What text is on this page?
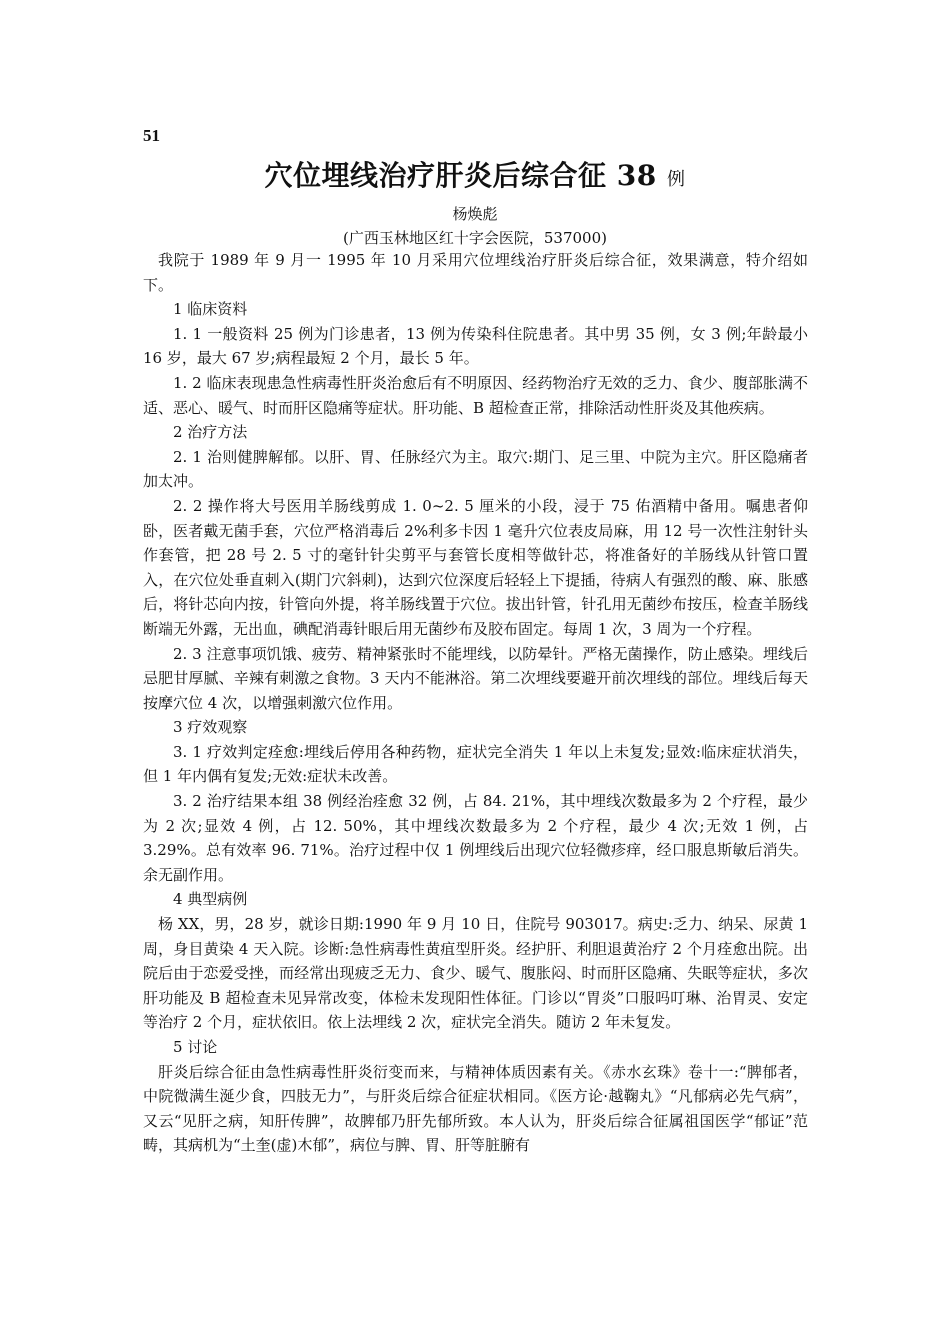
51
穴位埋线治疗肝炎后综合征 38 例
杨焕彪
(广西玉林地区红十字会医院，537000)

我院于 1989 年 9 月一 1995 年 10 月采用穴位埋线治疗肝炎后综合征，效果满意，特介绍如下。

1 临床资料

1. 1 一般资料 25 例为门诊患者，13 例为传染科住院患者。其中男 35 例，女 3 例;年龄最小 16 岁，最大 67 岁;病程最短 2 个月，最长 5 年。

1. 2 临床表现患急性病毒性肝炎治愈后有不明原因、经药物治疗无效的乏力、食少、腹部胀满不适、恶心、暖气、时而肝区隐痛等症状。肝功能、B 超检查正常，排除活动性肝炎及其他疾病。

2 治疗方法

2. 1 治则健脾解郁。以肝、胃、任脉经穴为主。取穴:期门、足三里、中院为主穴。肝区隐痛者加太冲。

2. 2 操作将大号医用羊肠线剪成 1. 0~2. 5 厘米的小段，浸于 75 佑酒精中备用。嘱患者仰卧，医者戴无菌手套，穴位严格消毒后 2%利多卡因 1 毫升穴位表皮局麻，用 12 号一次性注射针头作套管，把 28 号 2. 5 寸的毫针针尖剪平与套管长度相等做针芯，将准备好的羊肠线从针管口置入，在穴位处垂直刺入(期门穴斜刺)，达到穴位深度后轻轻上下提插，待病人有强烈的酸、麻、胀感后，将针芯向内按，针管向外提，将羊肠线置于穴位。拔出针管，针孔用无菌纱布按压，检查羊肠线断端无外露，无出血，碘配消毒针眼后用无菌纱布及胶布固定。每周 1 次，3 周为一个疗程。

2. 3 注意事项饥饿、疲劳、精神紧张时不能埋线，以防晕针。严格无菌操作，防止感染。埋线后忌肥甘厚腻、辛辣有刺激之食物。3 天内不能淋浴。第二次埋线要避开前次埋线的部位。埋线后每天按摩穴位 4 次，以增强刺激穴位作用。

3 疗效观察

3. 1 疗效判定痊愈:埋线后停用各种药物，症状完全消失 1 年以上未复发;显效:临床症状消失，但 1 年内偶有复发;无效:症状未改善。

3. 2 治疗结果本组 38 例经治痊愈 32 例，占 84. 21%，其中埋线次数最多为 2 个疗程，最少为 2 次;显效 4 例，占 12. 50%，其中埋线次数最多为 2 个疗程，最少 4 次;无效 1 例，占 3.29%。总有效率 96. 71%。治疗过程中仅 1 例埋线后出现穴位轻微疹痒，经口服息斯敏后消失。余无副作用。

4 典型病例

杨 XX，男，28 岁，就诊日期:1990 年 9 月 10 日，住院号 903017。病史:乏力、纳呆、尿黄 1 周，身目黄染 4 天入院。诊断:急性病毒性黄疽型肝炎。经护肝、利胆退黄治疗 2 个月痊愈出院。出院后由于恋爱受挫，而经常出现疲乏无力、食少、暖气、腹胀闷、时而肝区隐痛、失眠等症状，多次肝功能及 B 超检查未见异常改变，体检未发现阳性体征。门诊以“胃炎”口服吗叮琳、治胃灵、安定等治疗 2 个月，症状依旧。依上法埋线 2 次，症状完全消失。随访 2 年未复发。

5 讨论

肝炎后综合征由急性病毒性肝炎衍变而来，与精神体质因素有关。《赤水玄珠》卷十一:“脾郁者，中院微满生涎少食，四肢无力”，与肝炎后综合征症状相同。《医方论·越鞠丸》“凡郁病必先气病”，又云“见肝之病，知肝传脾”，故脾郁乃肝先郁所致。本人认为，肝炎后综合征属祖国医学“郁证”范畴，其病机为“土奎(虚)木郁”，病位与脾、胃、肝等脏腑有
